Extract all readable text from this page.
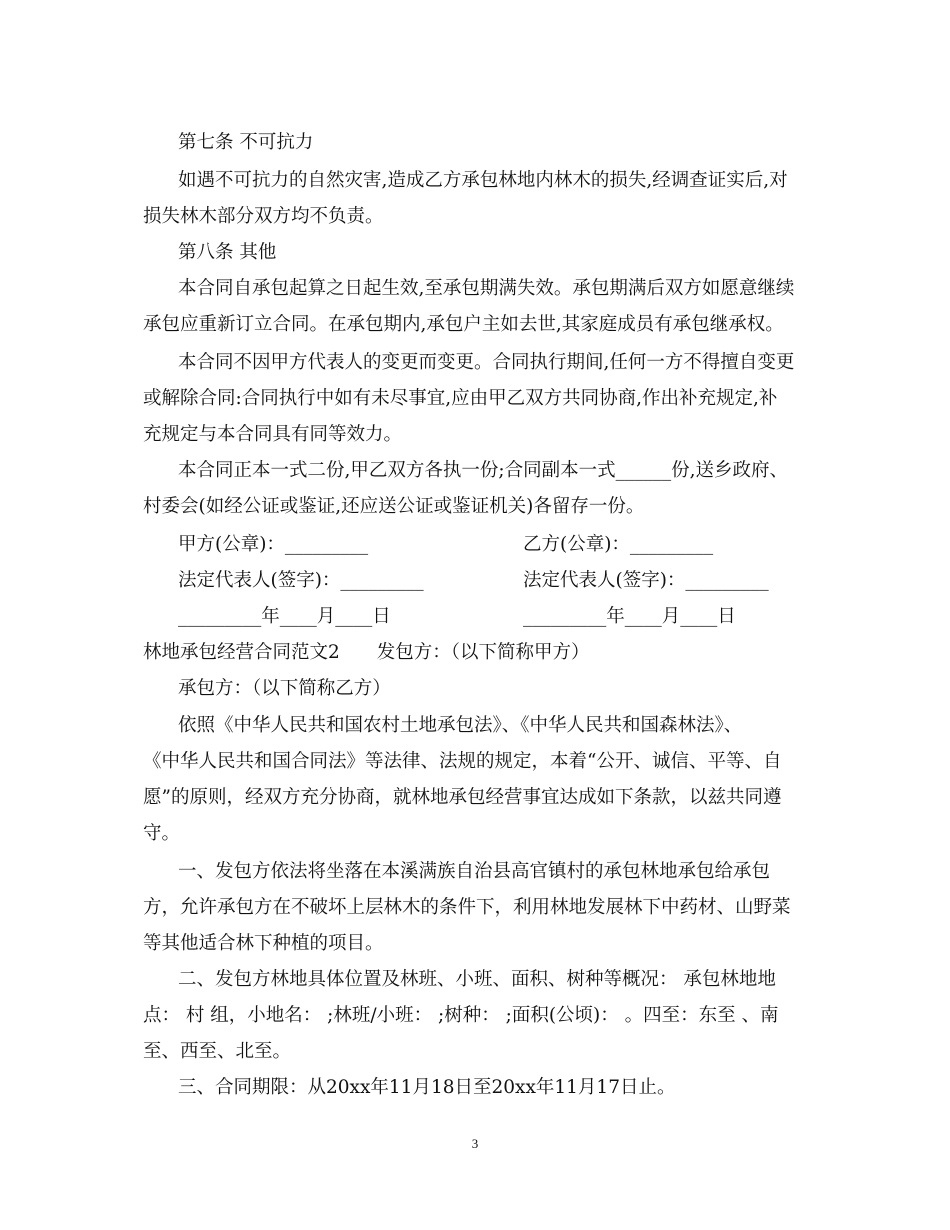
第七条 不可抗力
如遇不可抗力的自然灾害,造成乙方承包林地内林木的损失,经调查证实后,对
损失林木部分双方均不负责。
第八条 其他
本合同自承包起算之日起生效,至承包期满失效。承包期满后双方如愿意继续
承包应重新订立合同。在承包期内,承包户主如去世,其家庭成员有承包继承权。
本合同不因甲方代表人的变更而变更。合同执行期间,任何一方不得擅自变更
或解除合同:合同执行中如有未尽事宜,应由甲乙双方共同协商,作出补充规定,补
充规定与本合同具有同等效力。
本合同正本一式二份,甲乙双方各执一份;合同副本一式______份,送乡政府、
村委会(如经公证或鉴证,还应送公证或鉴证机关)各留存一份。
甲方(公章)：_________	乙方(公章)：_________
法定代表人(签字)：_________	法定代表人(签字)：_________
_________年____月____日	_________年____月____日
林地承包经营合同范文2　　发包方：（以下简称甲方）
承包方：（以下简称乙方）
依照《中华人民共和国农村土地承包法》、《中华人民共和国森林法》、
《中华人民共和国合同法》等法律、法规的规定，本着“公开、诚信、平等、自
愿”的原则，经双方充分协商，就林地承包经营事宜达成如下条款，以兹共同遵
守。
一、发包方依法将坐落在本溪满族自治县高官镇村的承包林地承包给承包
方，允许承包方在不破坏上层林木的条件下，利用林地发展林下中药材、山野菜
等其他适合林下种植的项目。
二、发包方林地具体位置及林班、小班、面积、树种等概况： 承包林地地
点： 村 组，小地名： ;林班/小班： ;树种： ;面积(公顷)： 。四至：东至 、南
至、西至、北至。
三、合同期限：从20xx年11月18日至20xx年11月17日止。
3
